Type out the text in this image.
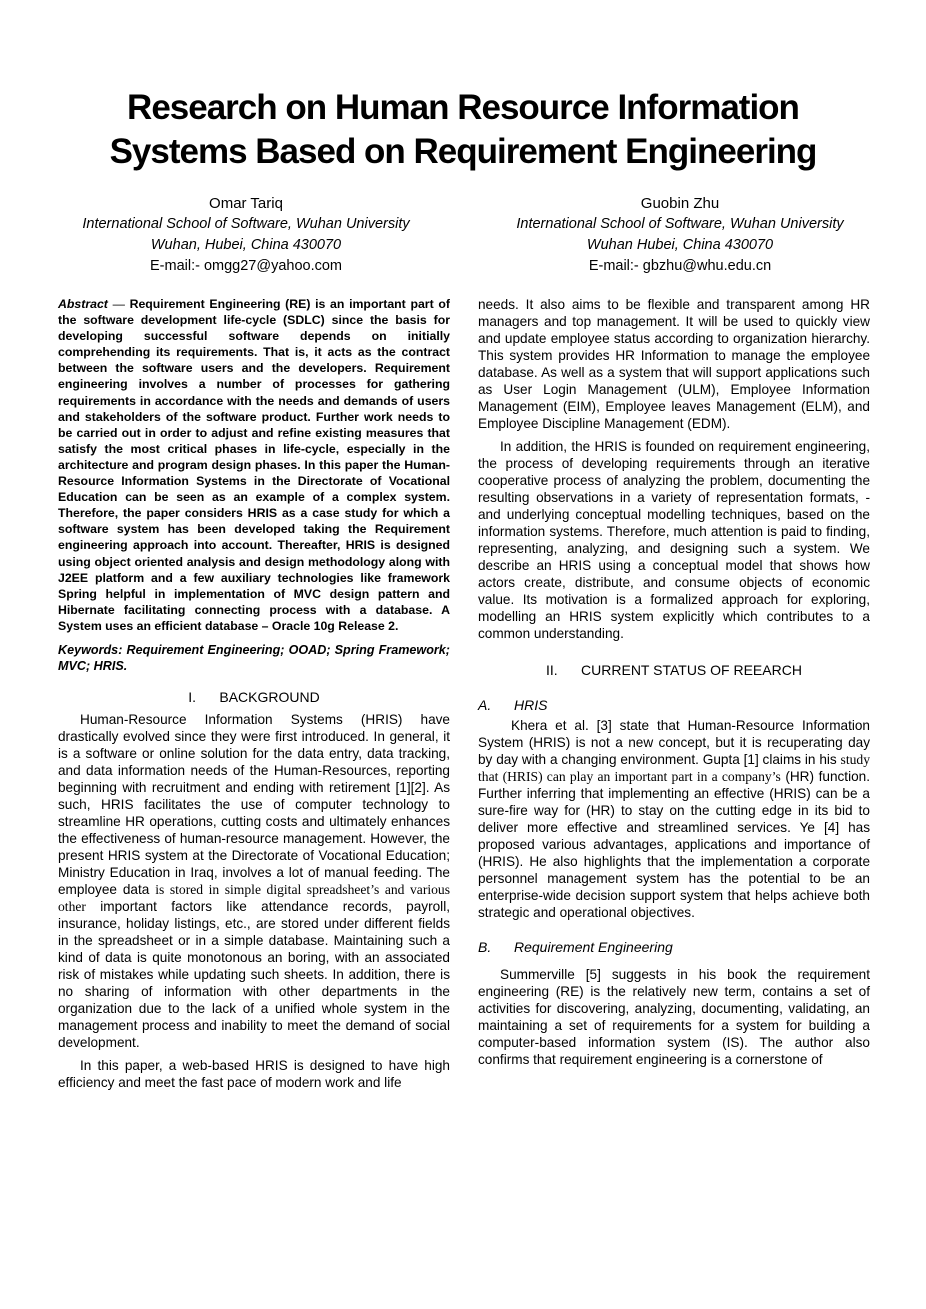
Research on Human Resource Information
Systems Based on Requirement Engineering
Omar Tariq
International School of Software, Wuhan University
Wuhan, Hubei, China 430070
E-mail:- omgg27@yahoo.com
Guobin Zhu
International School of Software, Wuhan University
Wuhan Hubei, China 430070
E-mail:- gbzhu@whu.edu.cn

Abstract — Requirement Engineering (RE) is an important part of the software development life-cycle (SDLC) since the basis for developing successful software depends on initially comprehending its requirements. That is, it acts as the contract between the software users and the developers. Requirement engineering involves a number of processes for gathering requirements in accordance with the needs and demands of users and stakeholders of the software product. Further work needs to be carried out in order to adjust and refine existing measures that satisfy the most critical phases in life-cycle, especially in the architecture and program design phases. In this paper the Human-Resource Information Systems in the Directorate of Vocational Education can be seen as an example of a complex system. Therefore, the paper considers HRIS as a case study for which a software system has been developed taking the Requirement engineering approach into account. Thereafter, HRIS is designed using object oriented analysis and design methodology along with J2EE platform and a few auxiliary technologies like framework Spring helpful in implementation of MVC design pattern and Hibernate facilitating connecting process with a database. A System uses an efficient database – Oracle 10g Release 2.

Keywords: Requirement Engineering; OOAD; Spring Framework; MVC; HRIS.

I.      BACKGROUND

Human-Resource Information Systems (HRIS) have drastically evolved since they were first introduced. In general, it is a software or online solution for the data entry, data tracking, and data information needs of the Human-Resources, reporting beginning with recruitment and ending with retirement [1][2]. As such, HRIS facilitates the use of computer technology to streamline HR operations, cutting costs and ultimately enhances the effectiveness of human-resource management. However, the present HRIS system at the Directorate of Vocational Education; Ministry Education in Iraq, involves a lot of manual feeding. The employee data is stored in simple digital spreadsheet’s and various other important factors like attendance records, payroll, insurance, holiday listings, etc., are stored under different fields in the spreadsheet or in a simple database. Maintaining such a kind of data is quite monotonous an boring, with an associated risk of mistakes while updating such sheets. In addition, there is no sharing of information with other departments in the organization due to the lack of a unified whole system in the management process and inability to meet the demand of social development.

In this paper, a web-based HRIS is designed to have high efficiency and meet the fast pace of modern work and life

needs. It also aims to be flexible and transparent among HR managers and top management. It will be used to quickly view and update employee status according to organization hierarchy. This system provides HR Information to manage the employee database. As well as a system that will support applications such as User Login Management (ULM), Employee Information Management (EIM), Employee leaves Management (ELM), and Employee Discipline Management (EDM).

In addition, the HRIS is founded on requirement engineering, the process of developing requirements through an iterative cooperative process of analyzing the problem, documenting the resulting observations in a variety of representation formats, - and underlying conceptual modelling techniques, based on the information systems. Therefore, much attention is paid to finding, representing, analyzing, and designing such a system. We describe an HRIS using a conceptual model that shows how actors create, distribute, and consume objects of economic value. Its motivation is a formalized approach for exploring, modelling an HRIS system explicitly which contributes to a common understanding.

II.      CURRENT STATUS OF REEARCH

A. HRIS

Khera et al. [3] state that Human-Resource Information System (HRIS) is not a new concept, but it is recuperating day by day with a changing environment. Gupta [1] claims in his study that (HRIS) can play an important part in a company’s (HR) function. Further inferring that implementing an effective (HRIS) can be a sure-fire way for (HR) to stay on the cutting edge in its bid to deliver more effective and streamlined services. Ye [4] has proposed various advantages, applications and importance of (HRIS). He also highlights that the implementation a corporate personnel management system has the potential to be an enterprise-wide decision support system that helps achieve both strategic and operational objectives.

B. Requirement Engineering

Summerville [5] suggests in his book the requirement engineering (RE) is the relatively new term, contains a set of activities for discovering, analyzing, documenting, validating, an maintaining a set of requirements for a system for building a computer-based information system (IS). The author also confirms that requirement engineering is a cornerstone of
